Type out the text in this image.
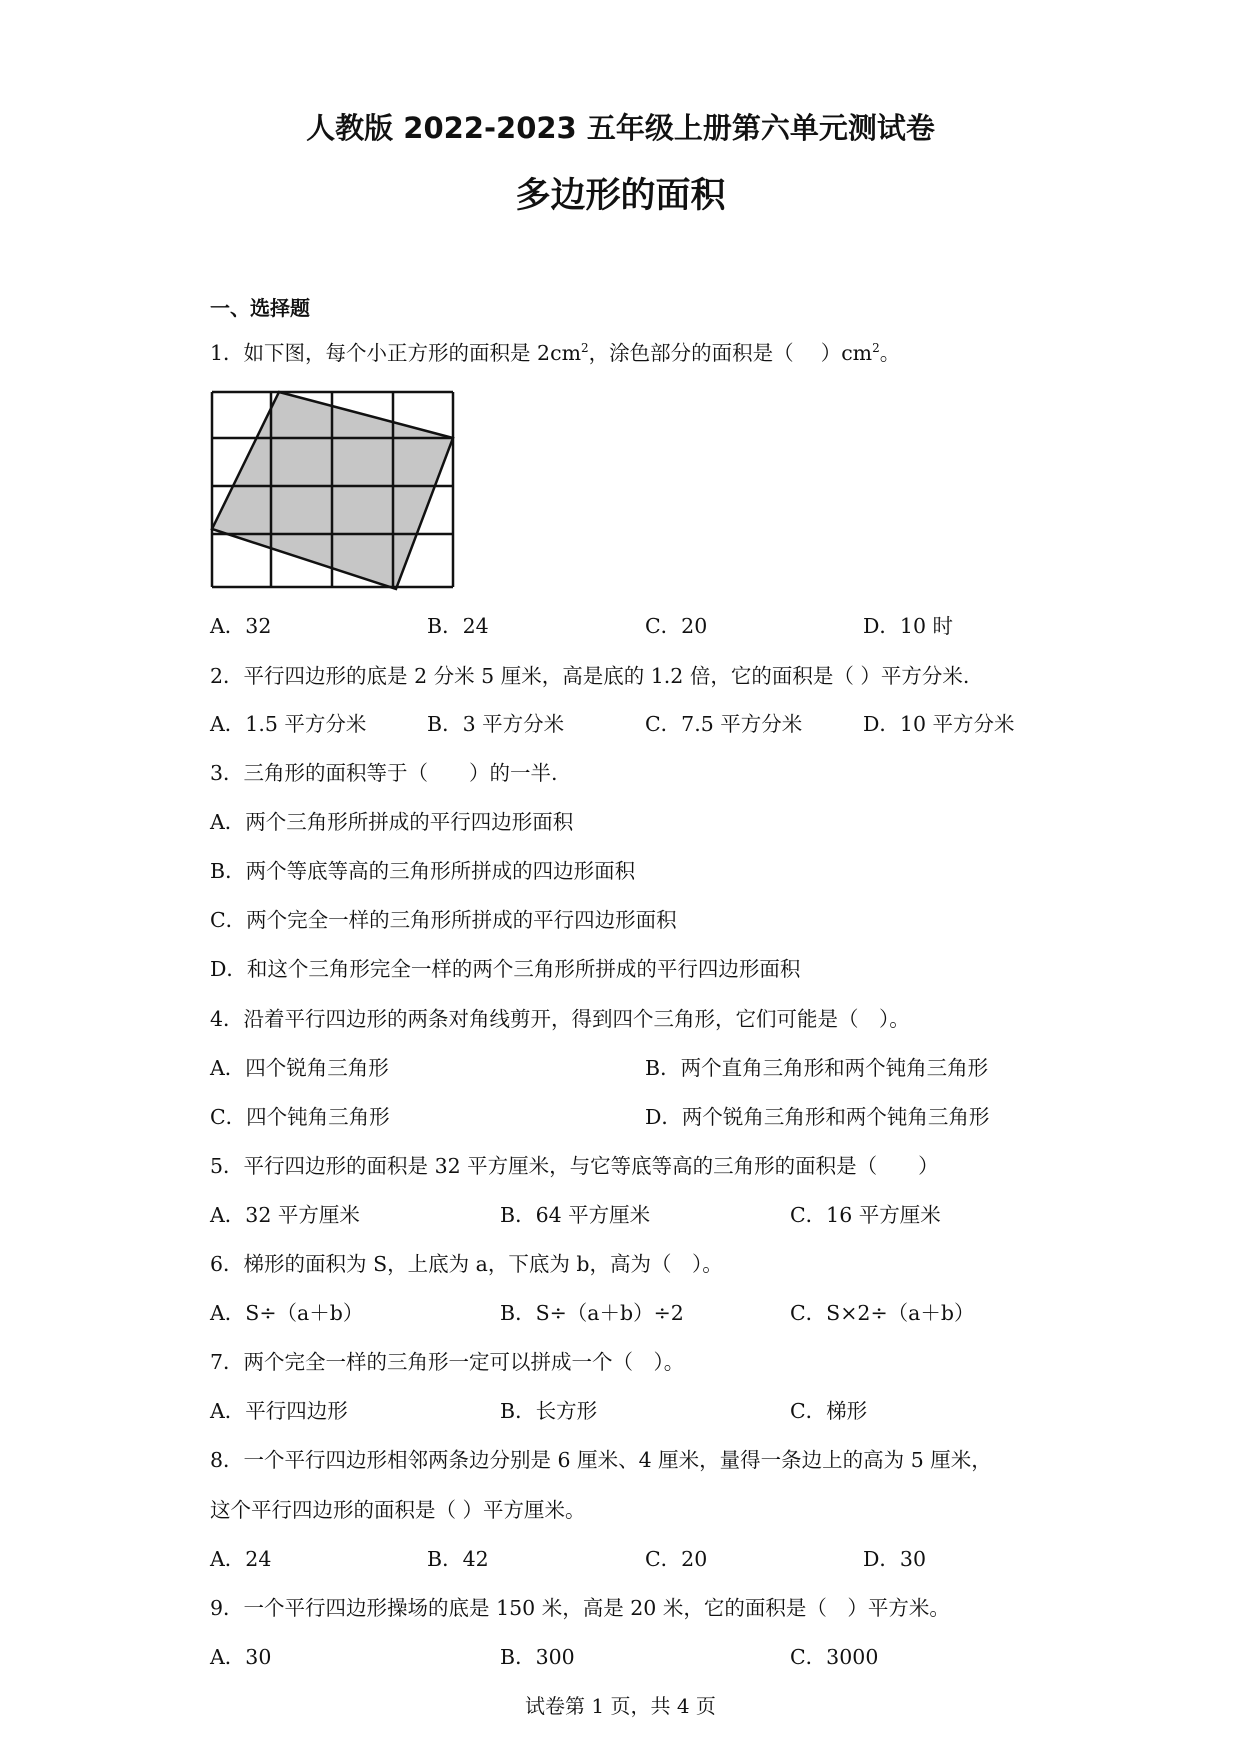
人教版 2022-2023 五年级上册第六单元测试卷
多边形的面积
一、选择题
1．如下图，每个小正方形的面积是 $2cm^2$，涂色部分的面积是（　 ）$cm^2$。
A．32	B．24	C．20	D．10 时
2．平行四边形的底是 2 分米 5 厘米，高是底的 1.2 倍，它的面积是（ ）平方分米.
A．1.5 平方分米	B．3 平方分米	C．7.5 平方分米	D．10 平方分米
3．三角形的面积等于（　　）的一半.
A．两个三角形所拼成的平行四边形面积
B．两个等底等高的三角形所拼成的四边形面积
C．两个完全一样的三角形所拼成的平行四边形面积
D．和这个三角形完全一样的两个三角形所拼成的平行四边形面积
4．沿着平行四边形的两条对角线剪开，得到四个三角形，它们可能是（　）。
A．四个锐角三角形	B．两个直角三角形和两个钝角三角形
C．四个钝角三角形	D．两个锐角三角形和两个钝角三角形
5．平行四边形的面积是 32 平方厘米，与它等底等高的三角形的面积是（　　）
A．32 平方厘米	B．64 平方厘米	C．16 平方厘米
6．梯形的面积为 S，上底为 a，下底为 b，高为（　）。
A．S÷（a＋b）	B．S÷（a＋b）÷2	C．S×2÷（a＋b）
7．两个完全一样的三角形一定可以拼成一个（　）。
A．平行四边形	B．长方形	C．梯形
8．一个平行四边形相邻两条边分别是 6 厘米、4 厘米，量得一条边上的高为 5 厘米，
这个平行四边形的面积是（ ）平方厘米。
A．24	B．42	C．20	D．30
9．一个平行四边形操场的底是 150 米，高是 20 米，它的面积是（　）平方米。
A．30	B．300	C．3000
试卷第 1 页，共 4 页
